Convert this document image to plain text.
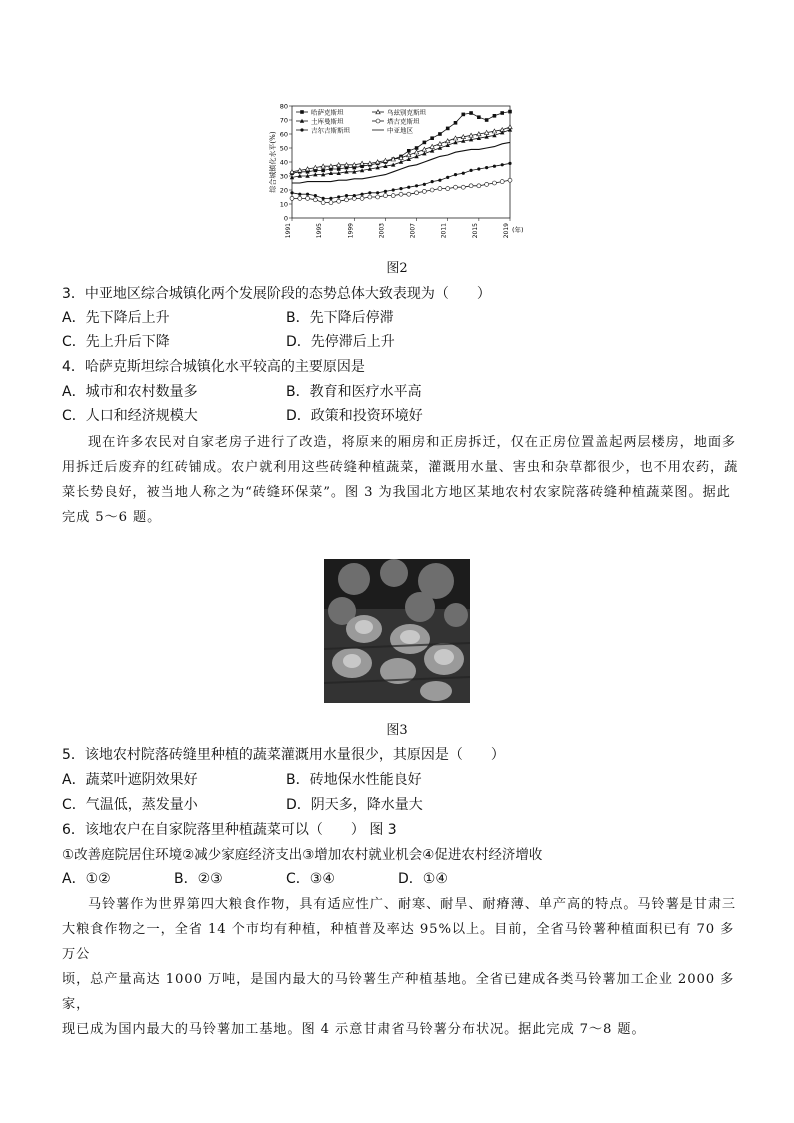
0
10
20
30
40
50
60
70
80
1991	1995	1999	2003	2007	2011	2015	2019 (年)
综合城镇化水平(%)
哈萨克斯坦	乌兹别克斯坦
土库曼斯坦	塔吉克斯坦
吉尔吉斯斯坦	中亚地区
图2
3．中亚地区综合城镇化两个发展阶段的态势总体大致表现为（　　）
A．先下降后上升	B．先下降后停滞
C．先上升后下降	D．先停滞后上升
4．哈萨克斯坦综合城镇化水平较高的主要原因是
A．城市和农村数量多	B．教育和医疗水平高
C．人口和经济规模大	D．政策和投资环境好
现在许多农民对自家老房子进行了改造，将原来的厢房和正房拆迁，仅在正房位置盖起两层楼房，地面多
用拆迁后废弃的红砖铺成。农户就利用这些砖缝种植蔬菜，灌溉用水量、害虫和杂草都很少，也不用农药，蔬
菜长势良好，被当地人称之为“砖缝环保菜”。图 3 为我国北方地区某地农村农家院落砖缝种植蔬菜图。据此
完成 5～6 题。
图3
5．该地农村院落砖缝里种植的蔬菜灌溉用水量很少，其原因是（　　）
A．蔬菜叶遮阴效果好	B．砖地保水性能良好
C．气温低，蒸发量小	D．阴天多，降水量大
6．该地农户在自家院落里种植蔬菜可以（　　） 图 3
①改善庭院居住环境②减少家庭经济支出③增加农村就业机会④促进农村经济增收
A．①②	B．②③	C．③④	D．①④
马铃薯作为世界第四大粮食作物，具有适应性广、耐寒、耐旱、耐瘠薄、单产高的特点。马铃薯是甘肃三
大粮食作物之一，全省 14 个市均有种植，种植普及率达 95%以上。目前，全省马铃薯种植面积已有 70 多万公
顷，总产量高达 1000 万吨，是国内最大的马铃薯生产种植基地。全省已建成各类马铃薯加工企业 2000 多家，
现已成为国内最大的马铃薯加工基地。图 4 示意甘肃省马铃薯分布状况。据此完成 7～8 题。
